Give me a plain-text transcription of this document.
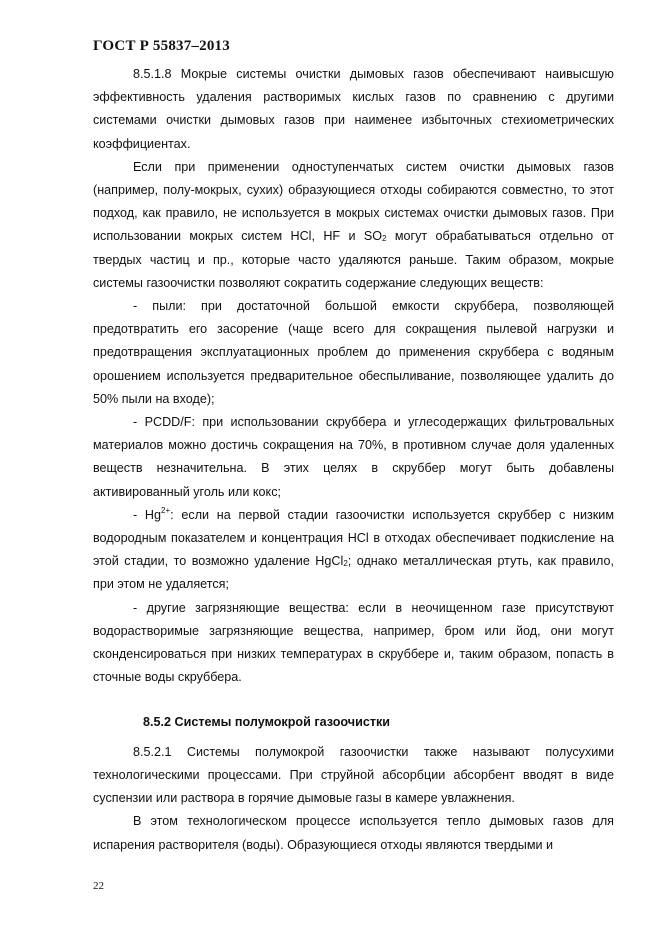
ГОСТ Р 55837–2013

8.5.1.8 Мокрые системы очистки дымовых газов обеспечивают наивысшую эффективность удаления растворимых кислых газов по сравнению с другими системами очистки дымовых газов при наименее избыточных стехиометрических коэффициентах.

Если при применении одноступенчатых систем очистки дымовых газов (например, полу-мокрых, сухих) образующиеся отходы собираются совместно, то этот подход, как правило, не используется в мокрых системах очистки дымовых газов. При использовании мокрых систем HCl, HF и $SO_2$ могут обрабатываться отдельно от твердых частиц и пр., которые часто удаляются раньше. Таким образом, мокрые системы газоочистки позволяют сократить содержание следующих веществ:

- пыли: при достаточной большой емкости скруббера, позволяющей предотвратить его засорение (чаще всего для сокращения пылевой нагрузки и предотвращения эксплуатационных проблем до применения скруббера с водяным орошением используется предварительное обеспыливание, позволяющее удалить до 50% пыли на входе);

- PCDD/F: при использовании скруббера и углесодержащих фильтровальных материалов можно достичь сокращения на 70%, в противном случае доля удаленных веществ незначительна. В этих целях в скруббер могут быть добавлены активированный уголь или кокс;

- $Hg^{2+}$: если на первой стадии газоочистки используется скруббер с низким водородным показателем и концентрация HCl в отходах обеспечивает подкисление на этой стадии, то возможно удаление HgCl$_2$; однако металлическая ртуть, как правило, при этом не удаляется;

- другие загрязняющие вещества: если в неочищенном газе присутствуют водорастворимые загрязняющие вещества, например, бром или йод, они могут сконденсироваться при низких температурах в скруббере и, таким образом, попасть в сточные воды скруббера.

8.5.2 Системы полумокрой газоочистки

8.5.2.1 Системы полумокрой газоочистки также называют полусухими технологическими процессами. При струйной абсорбции абсорбент вводят в виде суспензии или раствора в горячие дымовые газы в камере увлажнения.

В этом технологическом процессе используется тепло дымовых газов для испарения растворителя (воды). Образующиеся отходы являются твердыми и

22
